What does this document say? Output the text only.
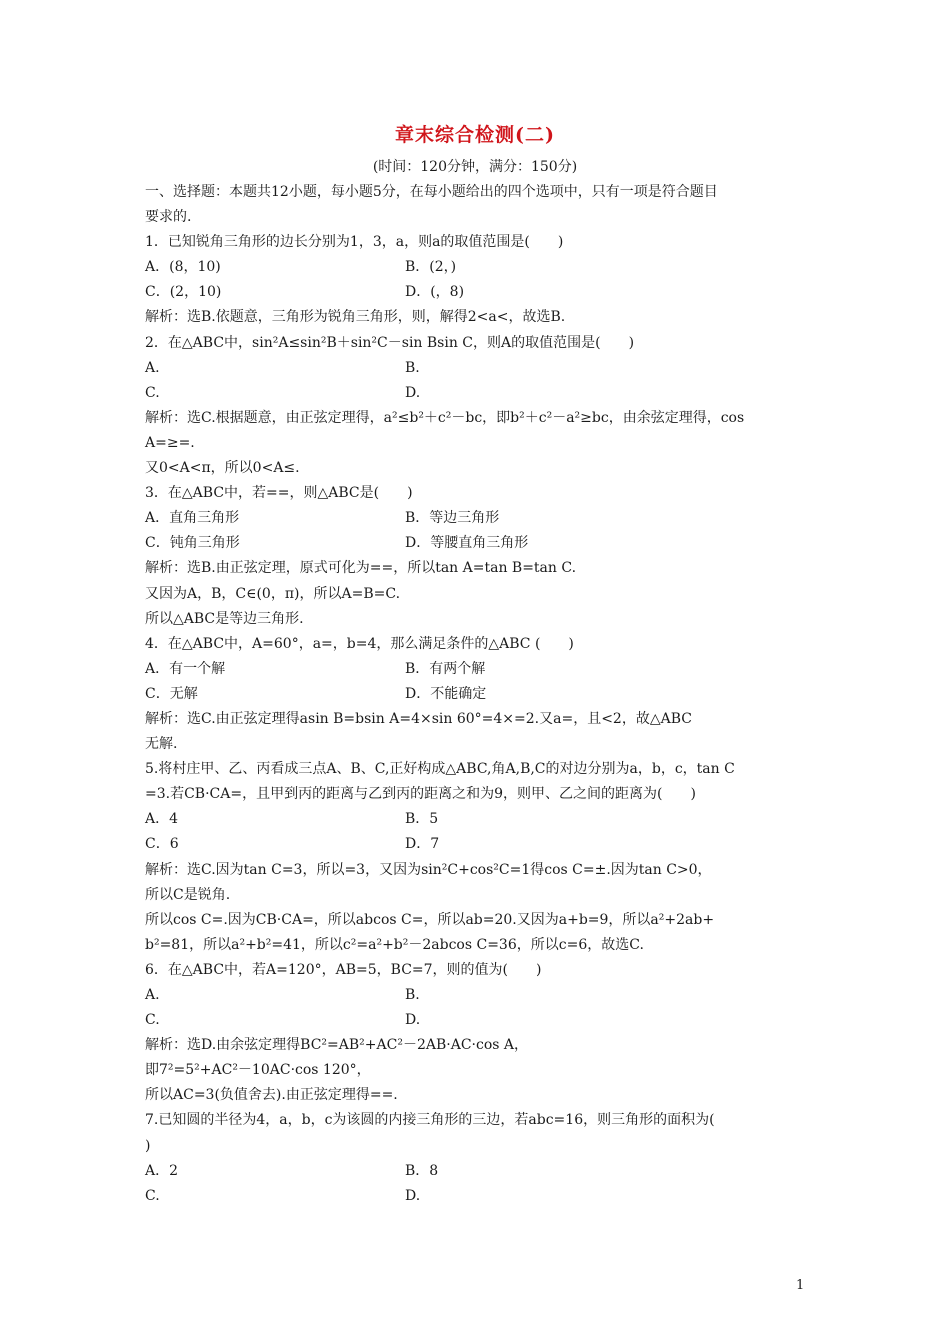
章末综合检测(二)
(时间：120分钟，满分：150分)
一、选择题：本题共12小题，每小题5分，在每小题给出的四个选项中，只有一项是符合题目
要求的.
1．已知锐角三角形的边长分别为1，3，a，则a的取值范围是(　　)
A．(8，10)	B．(2，)
C．(2，10)	D．(，8)
解析：选B.依题意，三角形为锐角三角形，则，解得2<a<，故选B.
2．在△ABC中，sin²A≤sin²B＋sin²C－sin Bsin C，则A的取值范围是(　　)
A.	B.
C.	D.
解析：选C.根据题意，由正弦定理得，a²≤b²＋c²－bc，即b²＋c²－a²≥bc，由余弦定理得，cos
A=≥=.
又0<A<π，所以0<A≤.
3．在△ABC中，若==，则△ABC是(　　)
A．直角三角形	B．等边三角形
C．钝角三角形	D．等腰直角三角形
解析：选B.由正弦定理，原式可化为==，所以tan A=tan B=tan C.
又因为A，B，C∈(0，π)，所以A=B=C.
所以△ABC是等边三角形.
4．在△ABC中，A=60°，a=，b=4，那么满足条件的△ABC (　　)
A．有一个解	B．有两个解
C．无解	D．不能确定
解析：选C.由正弦定理得asin B=bsin A=4×sin 60°=4×=2.又a=，且<2，故△ABC
无解.
5.将村庄甲、乙、丙看成三点A、B、C,正好构成△ABC,角A,B,C的对边分别为a，b，c，tan C
=3.若CB·CA=，且甲到丙的距离与乙到丙的距离之和为9，则甲、乙之间的距离为(　　)
A．4	B．5
C．6	D．7
解析：选C.因为tan C=3，所以=3，又因为sin²C+cos²C=1得cos C=±.因为tan C>0，
所以C是锐角.
所以cos C=.因为CB·CA=，所以abcos C=，所以ab=20.又因为a+b=9，所以a²+2ab+
b²=81，所以a²+b²=41，所以c²=a²+b²－2abcos C=36，所以c=6，故选C.
6．在△ABC中，若A=120°，AB=5，BC=7，则的值为(　　)
A.	B.
C.	D.
解析：选D.由余弦定理得BC²=AB²+AC²－2AB·AC·cos A，
即7²=5²+AC²－10AC·cos 120°，
所以AC=3(负值舍去).由正弦定理得==.
7.已知圆的半径为4，a，b，c为该圆的内接三角形的三边，若abc=16，则三角形的面积为(
)
A．2	B．8
C.	D.
1
